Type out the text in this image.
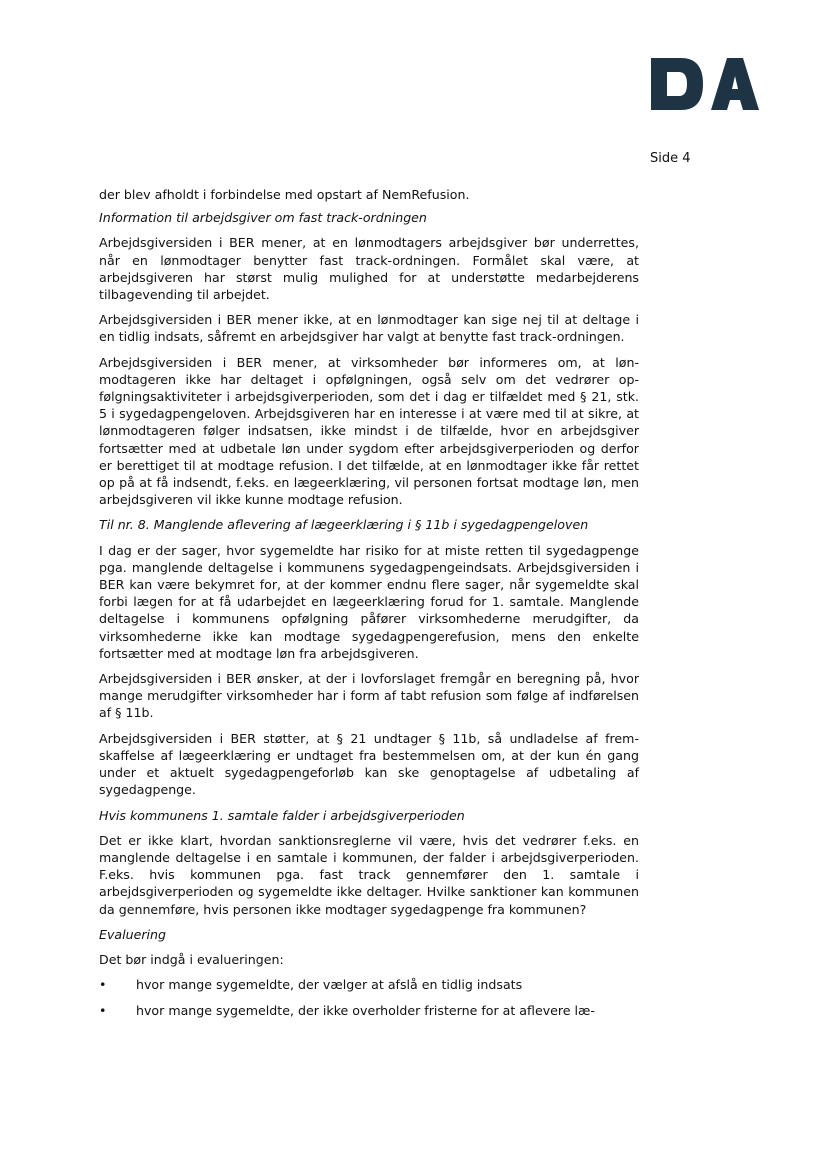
Side 4

der blev afholdt i forbindelse med opstart af NemRefusion.

Information til arbejdsgiver om fast track-ordningen

Arbejdsgiversiden i BER mener, at en lønmodtagers arbejdsgiver bør underrettes, når en lønmodtager benytter fast track-ordningen. Formålet skal være, at arbejdsgiveren har størst mulig mulighed for at understøtte medarbejderens tilbagevending til arbejdet.

Arbejdsgiversiden i BER mener ikke, at en lønmodtager kan sige nej til at deltage i en tidlig indsats, såfremt en arbejdsgiver har valgt at benytte fast track-ordningen.

Arbejdsgiversiden i BER mener, at virksomheder bør informeres om, at lønmodtageren ikke har deltaget i opfølgningen, også selv om det vedrører opfølgningsaktiviteter i arbejdsgiverperioden, som det i dag er tilfældet med § 21, stk. 5 i sygedagpengeloven. Arbejdsgiveren har en interesse i at være med til at sikre, at lønmodtageren følger indsatsen, ikke mindst i de tilfælde, hvor en arbejdsgiver fortsætter med at udbetale løn under sygdom efter arbejdsgiverperioden og derfor er berettiget til at modtage refusion. I det tilfælde, at en lønmodtager ikke får rettet op på at få indsendt, f.eks. en lægeerklæring, vil personen fortsat modtage løn, men arbejdsgiveren vil ikke kunne modtage refusion.

Til nr. 8. Manglende aflevering af lægeerklæring i § 11b i sygedagpengeloven

I dag er der sager, hvor sygemeldte har risiko for at miste retten til sygedagpenge pga. manglende deltagelse i kommunens sygedagpengeindsats. Arbejdsgiversiden i BER kan være bekymret for, at der kommer endnu flere sager, når sygemeldte skal forbi lægen for at få udarbejdet en lægeerklæring forud for 1. samtale. Manglende deltagelse i kommunens opfølgning påfører virksomhederne merudgifter, da virksomhederne ikke kan modtage sygedagpengerefusion, mens den enkelte fortsætter med at modtage løn fra arbejdsgiveren.

Arbejdsgiversiden i BER ønsker, at der i lovforslaget fremgår en beregning på, hvor mange merudgifter virksomheder har i form af tabt refusion som følge af indførelsen af § 11b.

Arbejdsgiversiden i BER støtter, at § 21 undtager § 11b, så undladelse af fremskaffelse af lægeerklæring er undtaget fra bestemmelsen om, at der kun én gang under et aktuelt sygedagpengeforløb kan ske genoptagelse af udbetaling af sygedagpenge.

Hvis kommunens 1. samtale falder i arbejdsgiverperioden

Det er ikke klart, hvordan sanktionsreglerne vil være, hvis det vedrører f.eks. en manglende deltagelse i en samtale i kommunen, der falder i arbejdsgiverperioden. F.eks. hvis kommunen pga. fast track gennemfører den 1. samtale i arbejdsgiverperioden og sygemeldte ikke deltager. Hvilke sanktioner kan kommunen da gennemføre, hvis personen ikke modtager sygedagpenge fra kommunen?

Evaluering

Det bør indgå i evalueringen:

• hvor mange sygemeldte, der vælger at afslå en tidlig indsats
• hvor mange sygemeldte, der ikke overholder fristerne for at aflevere læ-
